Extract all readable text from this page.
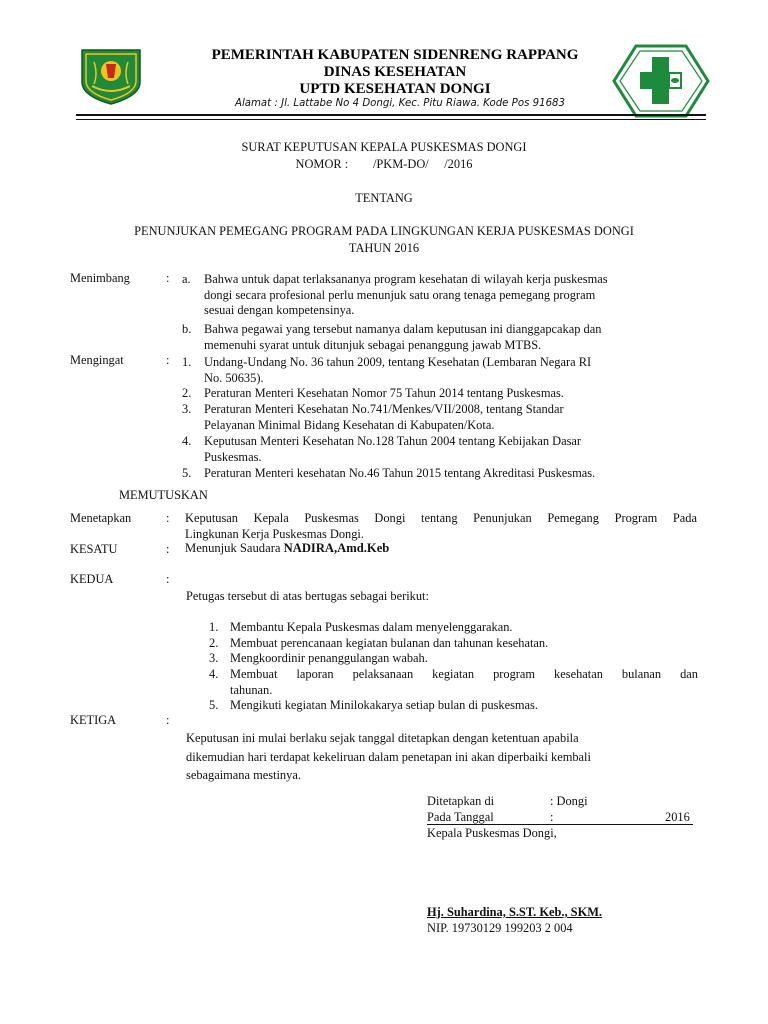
PEMERINTAH KABUPATEN SIDENRENG RAPPANG
DINAS KESEHATAN
UPTD KESEHATAN DONGI
Alamat : Jl. Lattabe No 4 Dongi, Kec. Pitu Riawa. Kode Pos 91683
SURAT KEPUTUSAN KEPALA PUSKESMAS DONGI
NOMOR :        /PKM-DO/     /2016
TENTANG
PENUNJUKAN PEMEGANG PROGRAM PADA LINGKUNGAN KERJA PUSKESMAS DONGI
TAHUN 2016
Menimbang	: a. Bahwa untuk dapat terlaksananya program kesehatan di wilayah kerja puskesmas
dongi secara profesional perlu menunjuk satu orang tenaga pemegang program
sesuai dengan kompetensinya.
b. Bahwa pegawai yang tersebut namanya dalam keputusan ini dianggapcakap dan
memenuhi syarat untuk ditunjuk sebagai penanggung jawab MTBS.
Mengingat	: 1. Undang-Undang No. 36 tahun 2009, tentang Kesehatan (Lembaran Negara RI
No. 50635).
2. Peraturan Menteri Kesehatan Nomor 75 Tahun 2014 tentang Puskesmas.
3. Peraturan Menteri Kesehatan No.741/Menkes/VII/2008, tentang Standar
Pelayanan Minimal Bidang Kesehatan di Kabupaten/Kota.
4. Keputusan Menteri Kesehatan No.128 Tahun 2004 tentang Kebijakan Dasar
Puskesmas.
5. Peraturan Menteri kesehatan No.46 Tahun 2015 tentang Akreditasi Puskesmas.
MEMUTUSKAN
Menetapkan	: Keputusan Kepala Puskesmas Dongi tentang Penunjukan Pemegang Program Pada
Lingkunan Kerja Puskesmas Dongi.
KESATU	: Menunjuk Saudara NADIRA,Amd.Keb
KEDUA	:
Petugas tersebut di atas bertugas sebagai berikut:
1. Membantu Kepala Puskesmas dalam menyelenggarakan.
2. Membuat perencanaan kegiatan bulanan dan tahunan kesehatan.
3. Mengkoordinir penanggulangan wabah.
4. Membuat laporan pelaksanaan kegiatan program kesehatan bulanan dan
tahunan.
5. Mengikuti kegiatan Minilokakarya setiap bulan di puskesmas.
KETIGA	:
Keputusan ini mulai berlaku sejak tanggal ditetapkan dengan ketentuan apabila
dikemudian hari terdapat kekeliruan dalam penetapan ini akan diperbaiki kembali
sebagaimana mestinya.
Ditetapkan di	: Dongi
Pada Tanggal	:	2016
Kepala Puskesmas Dongi,
Hj. Suhardina, S.ST. Keb., SKM.
NIP. 19730129 199203 2 004
